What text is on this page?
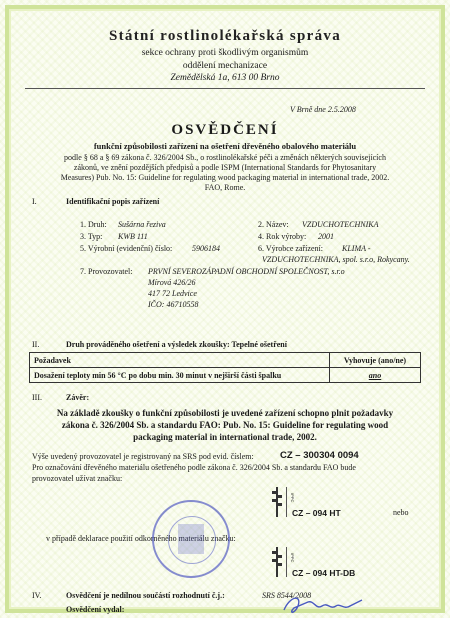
Státní rostlinolékařská správa
sekce ochrany proti škodlivým organismům
oddělení mechanizace
Zemědělská 1a, 613 00 Brno
V Brně dne 2.5.2008
OSVĚDČENÍ
funkční způsobilosti zařízení na ošetření dřevěného obalového materiálu
podle § 68 a § 69 zákona č. 326/2004 Sb., o rostlinolékařské péči a změnách některých souvisejících
zákonů, ve znění pozdějších předpisů a podle ISPM (International Standards for Phytosanitary
Measures) Pub. No. 15: Guideline for regulating wood packaging material in international trade, 2002.
FAO, Rome.
I.	Identifikační popis zařízení
1. Druh: Sušárna řeziva	2. Název: VZDUCHOTECHNIKA
3. Typ: KWB 111	4. Rok výroby: 2001
5. Výrobní (evidenční) číslo: 5906184	6. Výrobce zařízení: KLIMA -
VZDUCHOTECHNIKA, spol. s.r.o, Rokycany.
7. Provozovatel: PRVNÍ SEVEROZÁPADNÍ OBCHODNÍ SPOLEČNOST, s.r.o
Mírová 426/26
417 72 Ledvice
IČO: 46710558
II.	Druh prováděného ošetření a výsledek zkoušky: Tepelné ošetření
Požadavek	Vyhovuje (ano/ne)
Dosažení teploty min 56 °C po dobu min. 30 minut v nejširší části špalku	ano
III.	Závěr:
Na základě zkoušky o funkční způsobilosti je uvedené zařízení schopno plnit požadavky
zákona č. 326/2004 Sb. a standardu FAO: Pub. No. 15: Guideline for regulating wood
packaging material in international trade, 2002.
Výše uvedený provozovatel je registrovaný na SRS pod evid. číslem:	CZ – 300304 0094
Pro označování dřevěného materiálu ošetřeného podle zákona č. 326/2004 Sb. a standardu FAO bude
provozovatel užívat značku:
IPPC
CZ – 094 HT	nebo
v případě deklarace použití odkorněného materiálu značku:
IPPC
CZ – 094 HT-DB
IV.	Osvědčení je nedílnou součástí rozhodnutí č.j.:	SRS 8544/2008
Osvědčení vydal:
